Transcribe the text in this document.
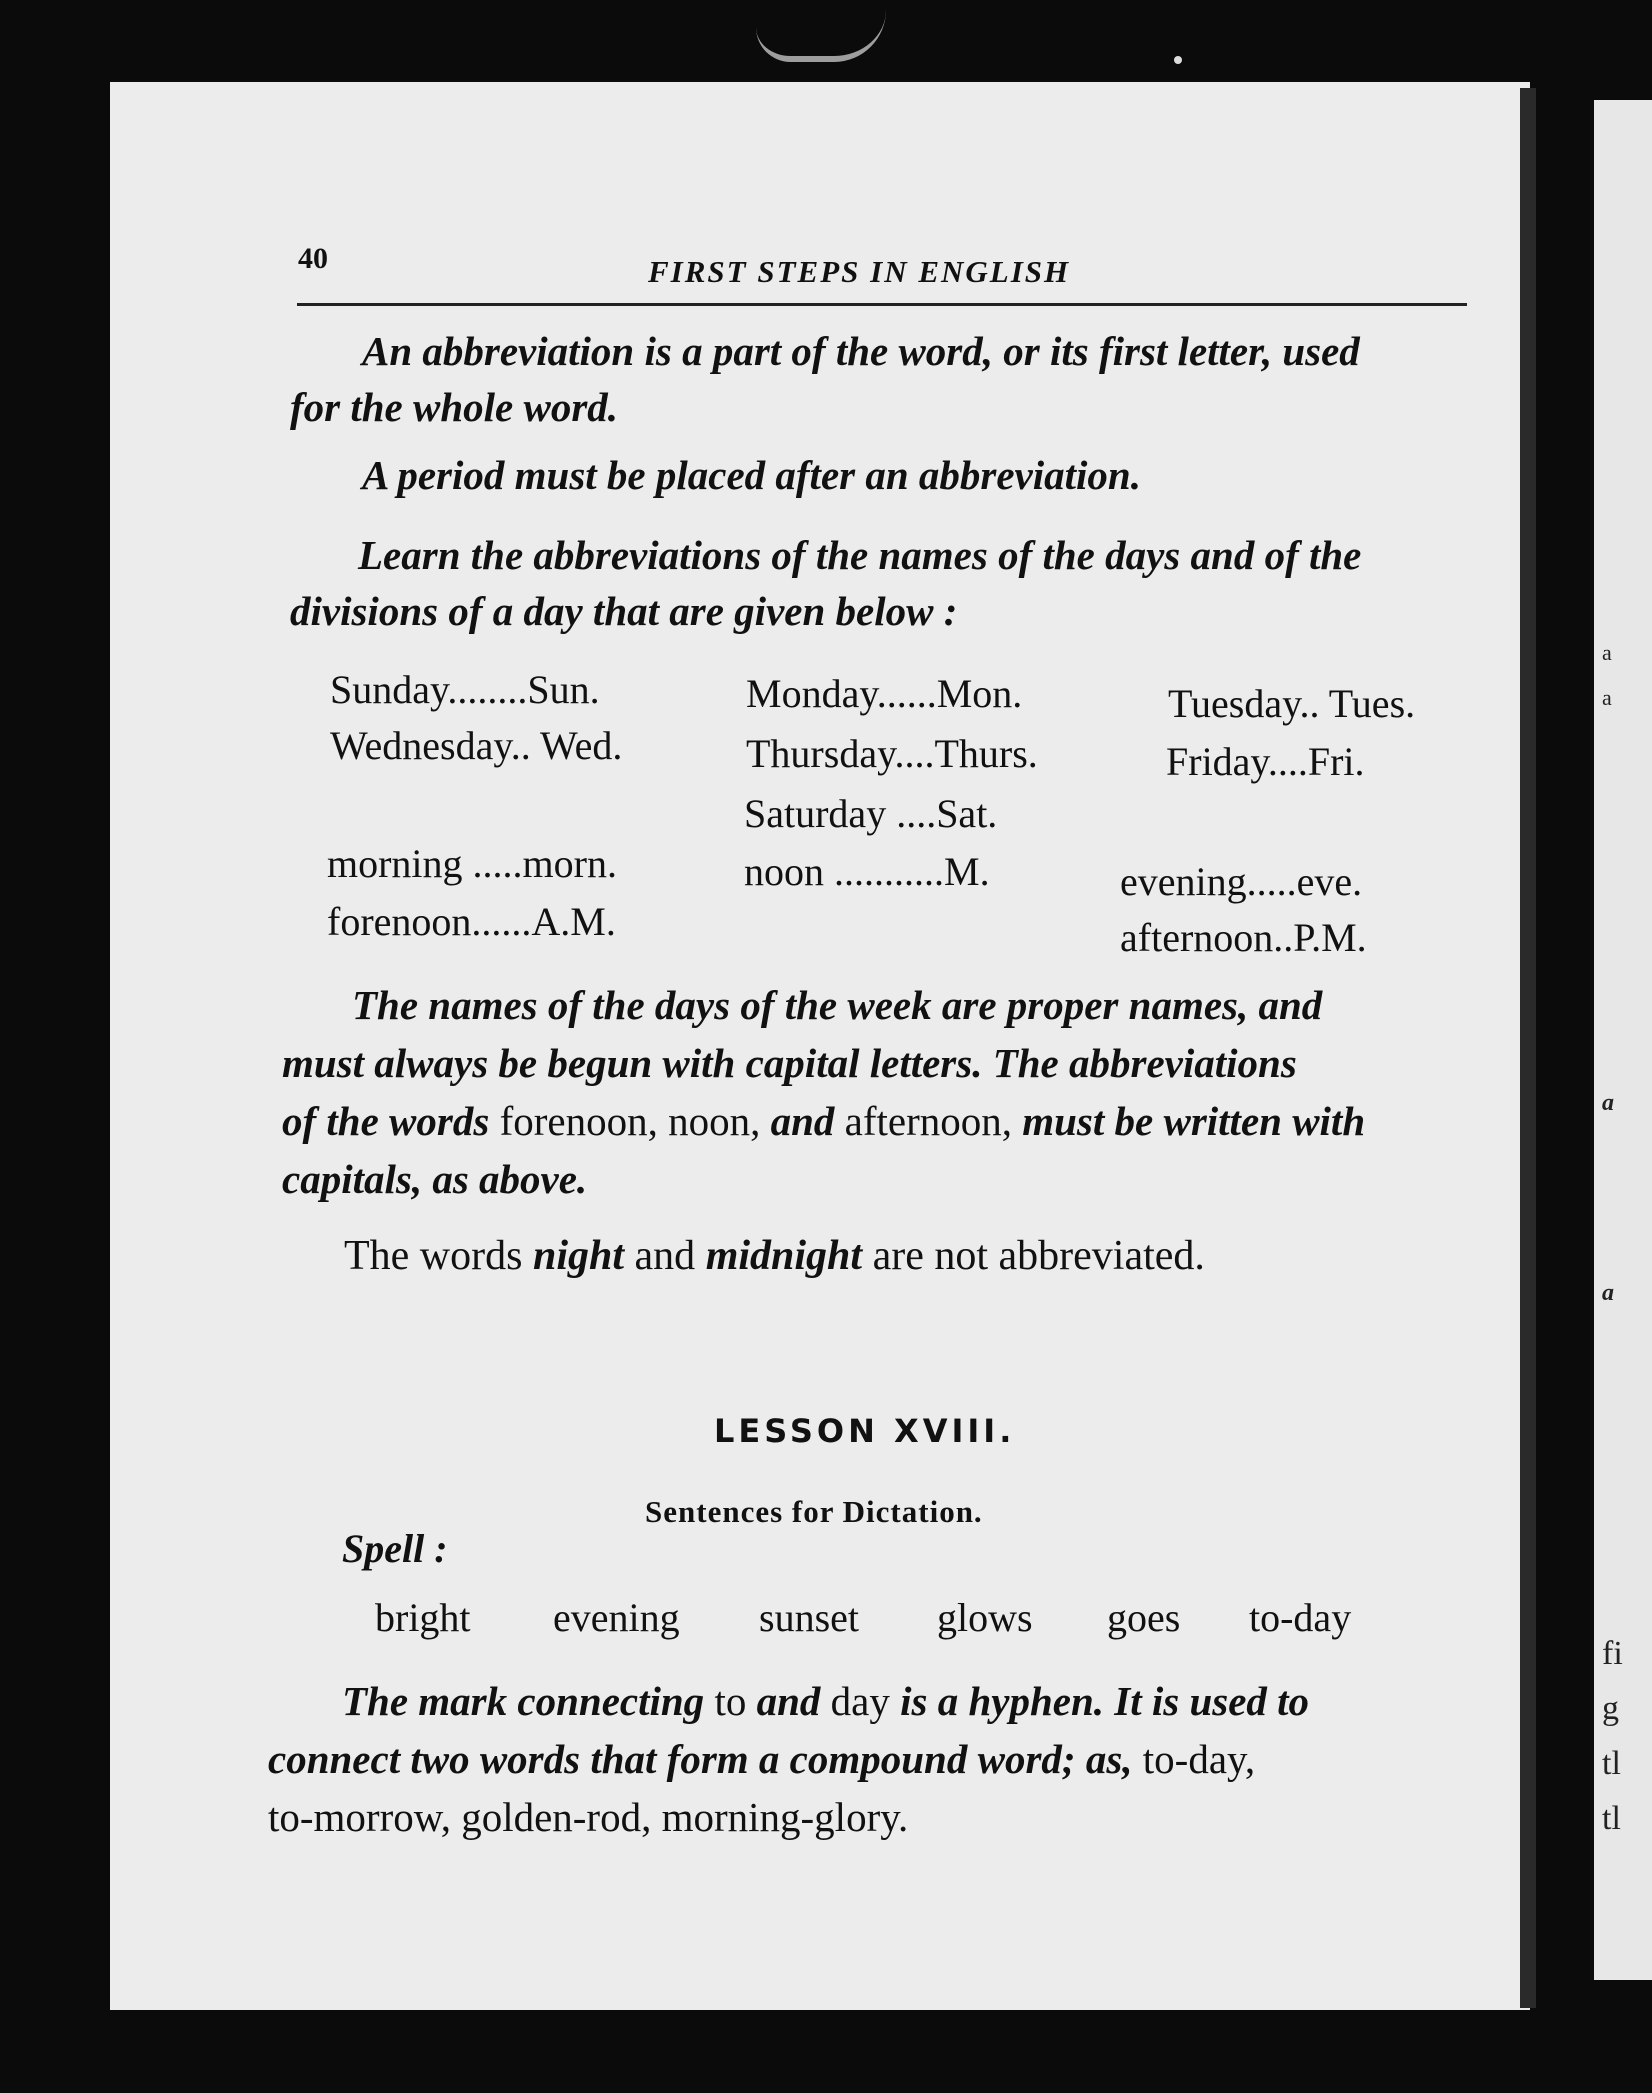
a
a
a
a
fi
g
tl
tl
40	FIRST STEPS IN ENGLISH
An abbreviation is a part of the word, or its first letter, used
for the whole word.
A period must be placed after an abbreviation.
Learn the abbreviations of the names of the days and of the
divisions of a day that are given below :
Sunday........Sun.	Monday......Mon.	Tuesday.. Tues.
Wednesday.. Wed.	Thursday....Thurs.	Friday....Fri.
Saturday ....Sat.
morning .....morn.	noon ...........M.	evening.....eve.
forenoon......A.M.	afternoon..P.M.
The names of the days of the week are proper names, and
must always be begun with capital letters. The abbreviations
of the words forenoon, noon, and afternoon, must be written with
capitals, as above.
The words night and midnight are not abbreviated.
LESSON XVIII.
Sentences for Dictation.
Spell :
bright evening sunset glows goes to-day
The mark connecting to and day is a hyphen. It is used to
connect two words that form a compound word; as, to-day,
to-morrow, golden-rod, morning-glory.
